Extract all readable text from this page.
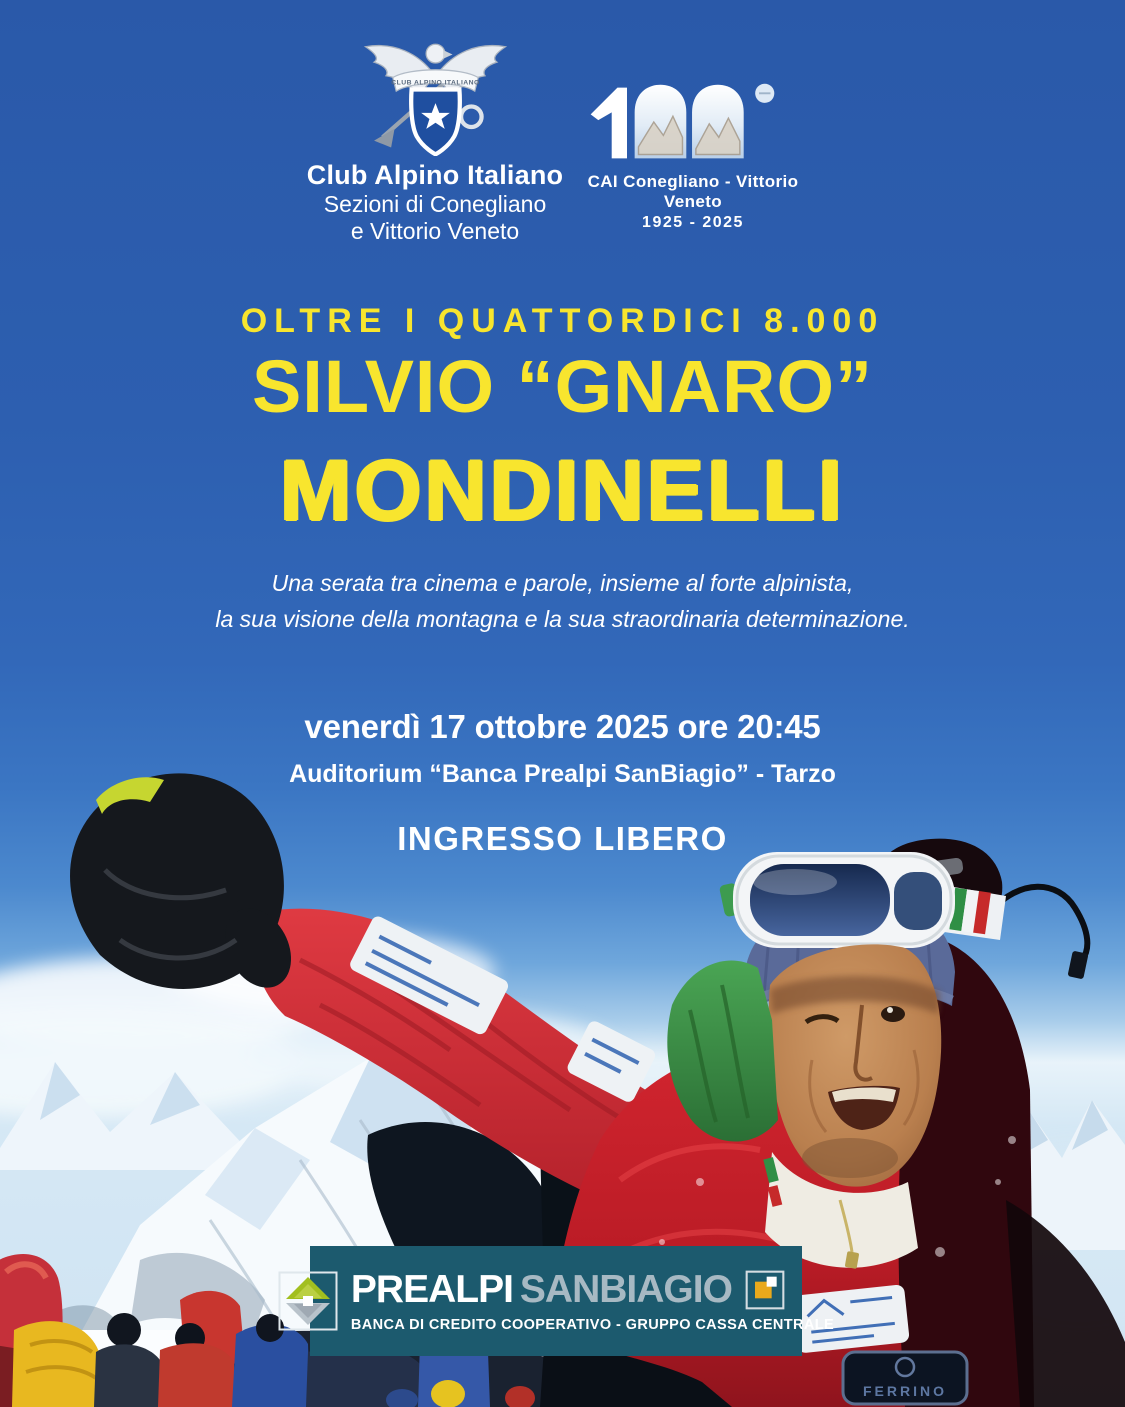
FERRINO
CLUB ALPINO ITALIANO
Club Alpino Italiano
Sezioni di Conegliano
e Vittorio Veneto
CAI Conegliano - Vittorio Veneto
1925 - 2025
OLTRE I QUATTORDICI 8.000
SILVIO “GNARO”
MONDINELLI
Una serata tra cinema e parole, insieme al forte alpinista,
la sua visione della montagna e la sua straordinaria determinazione.
venerdì 17 ottobre 2025 ore 20:45
Auditorium “Banca Prealpi SanBiagio” - Tarzo
INGRESSO LIBERO
PREALPI SANBIAGIO
BANCA DI CREDITO COOPERATIVO - GRUPPO CASSA CENTRALE
